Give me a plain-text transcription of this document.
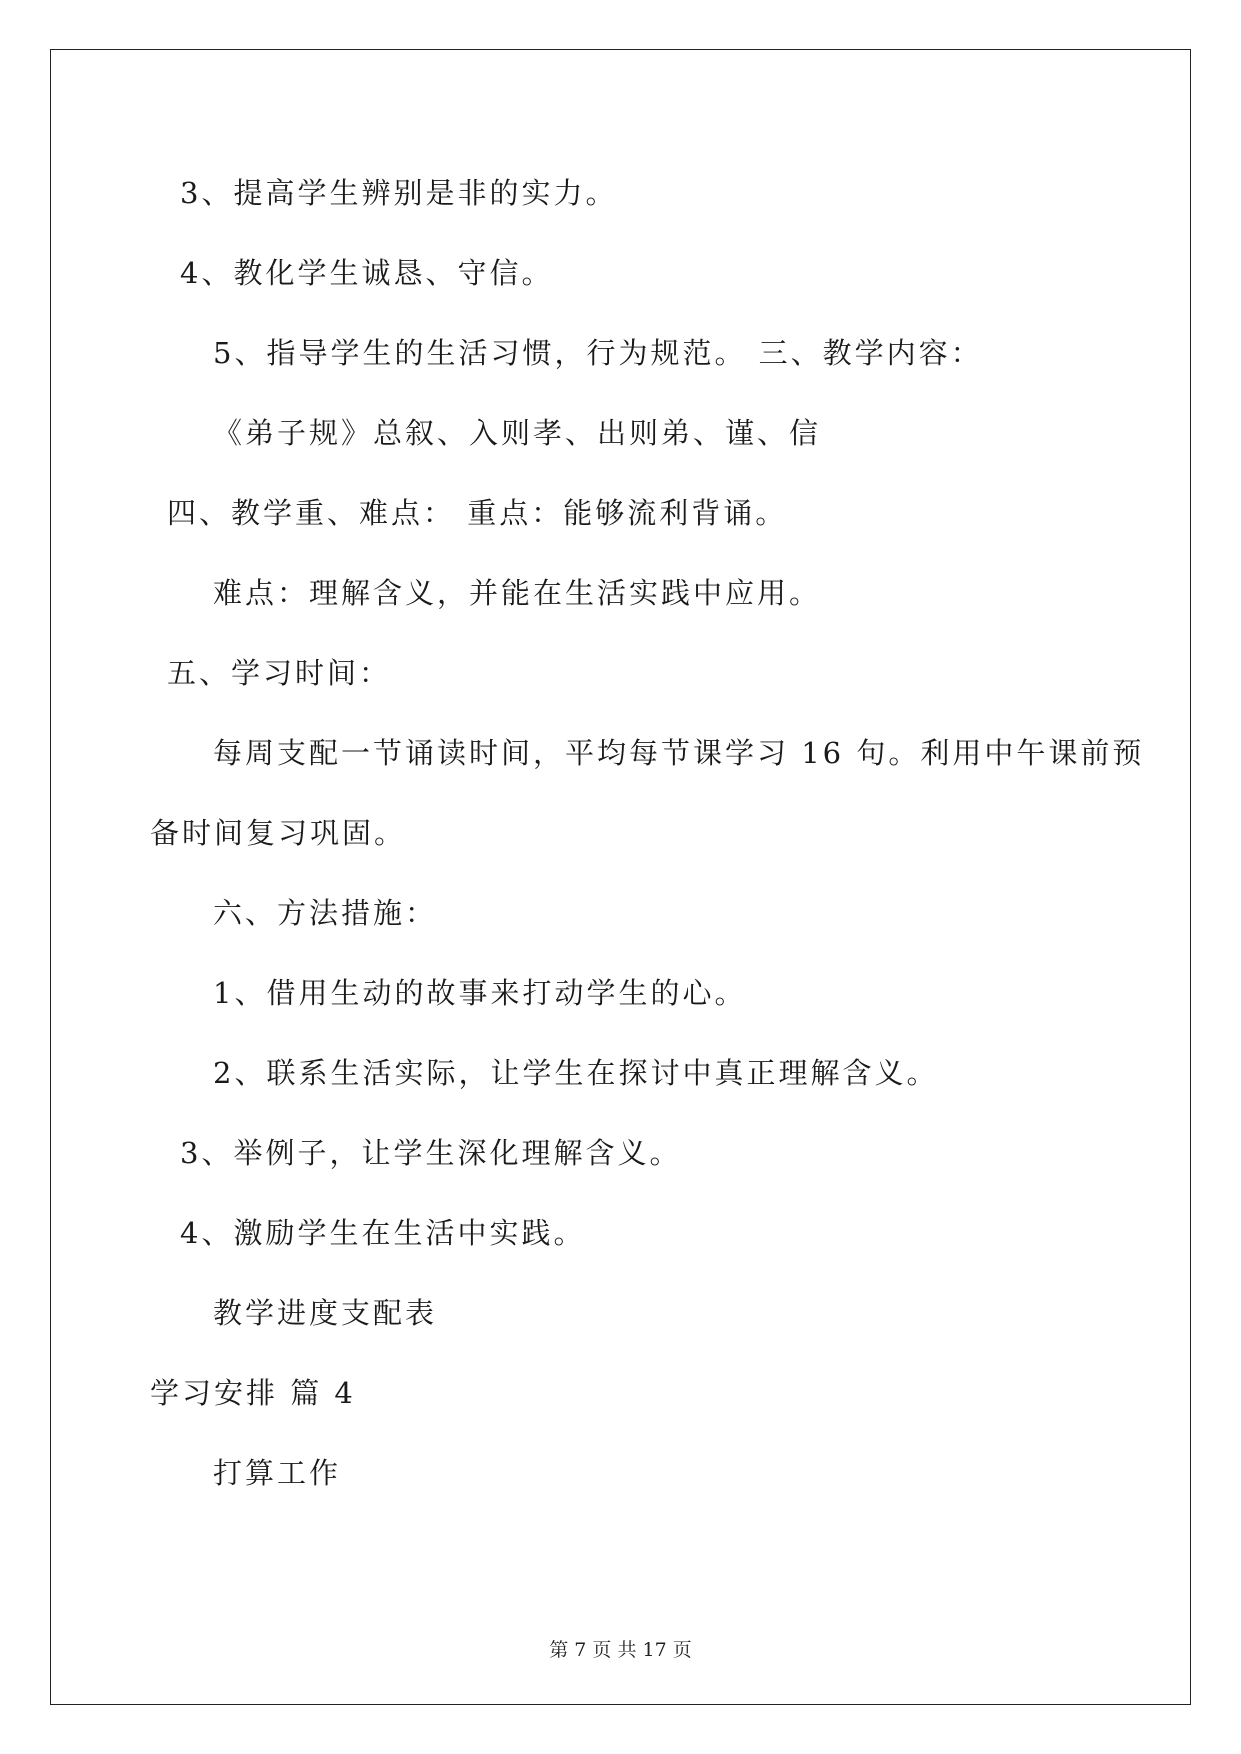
3、提高学生辨别是非的实力。
4、教化学生诚恳、守信。
5、指导学生的生活习惯，行为规范。 三、教学内容：
《弟子规》总叙、入则孝、出则弟、谨、信
四、教学重、难点： 重点：能够流利背诵。
难点：理解含义，并能在生活实践中应用。
五、学习时间：
每周支配一节诵读时间，平均每节课学习 16 句。利用中午课前预
备时间复习巩固。
六、方法措施：
1、借用生动的故事来打动学生的心。
2、联系生活实际，让学生在探讨中真正理解含义。
3、举例子，让学生深化理解含义。
4、激励学生在生活中实践。
教学进度支配表
学习安排 篇 4
打算工作
第 7 页 共 17 页
